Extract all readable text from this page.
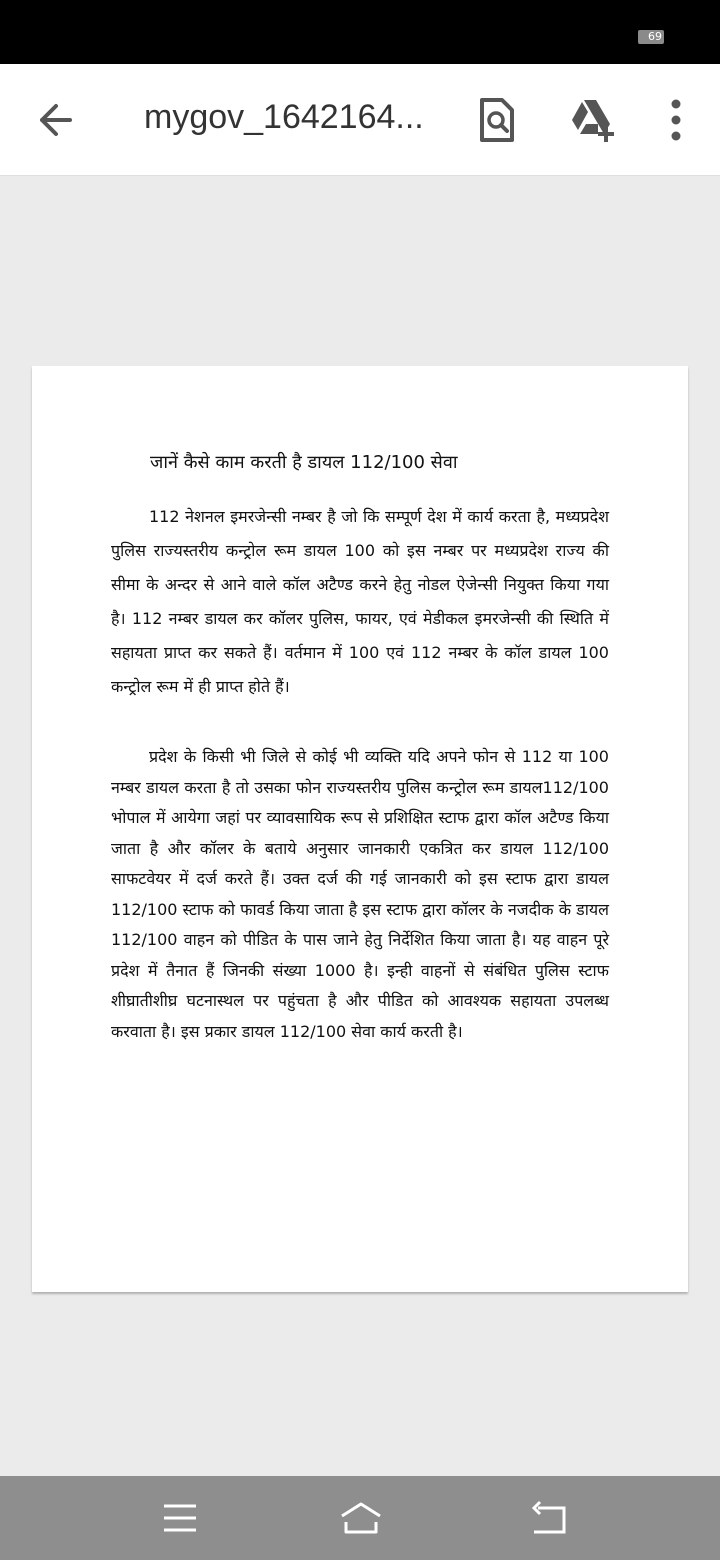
69
mygov_1642164...
जानें कैसे काम करती है डायल 112/100 सेवा

112 नेशनल इमरजेन्सी नम्बर है जो कि सम्पूर्ण देश में कार्य करता है, मध्यप्रदेश पुलिस राज्यस्तरीय कन्ट्रोल रूम डायल 100 को इस नम्बर पर मध्यप्रदेश राज्य की सीमा के अन्दर से आने वाले कॉल अटैण्ड करने हेतु नोडल ऐजेन्सी नियुक्त किया गया है। 112 नम्बर डायल कर कॉलर पुलिस, फायर, एवं मेडीकल इमरजेन्सी की स्थिति में सहायता प्राप्त कर सकते हैं। वर्तमान में 100 एवं 112 नम्बर के कॉल डायल 100 कन्ट्रोल रूम में ही प्राप्त होते हैं।

प्रदेश के किसी भी जिले से कोई भी व्यक्ति यदि अपने फोन से 112 या 100 नम्बर डायल करता है तो उसका फोन राज्यस्तरीय पुलिस कन्ट्रोल रूम डायल112/100 भोपाल में आयेगा जहां पर व्यावसायिक रूप से प्रशिक्षित स्टाफ द्वारा कॉल अटैण्ड किया जाता है और कॉलर के बताये अनुसार जानकारी एकत्रित कर डायल 112/100 साफटवेयर में दर्ज करते हैं। उक्त दर्ज की गई जानकारी को इस स्टाफ द्वारा डायल 112/100 स्टाफ को फावर्ड किया जाता है इस स्टाफ द्वारा कॉलर के नजदीक के डायल 112/100 वाहन को पीडित के पास जाने हेतु निर्देशित किया जाता है। यह वाहन पूरे प्रदेश में तैनात हैं जिनकी संख्या 1000 है। इन्ही वाहनों से संबंधित पुलिस स्टाफ शीघ्रातीशीघ्र घटनास्थल पर पहुंचता है और पीडित को आवश्यक सहायता उपलब्ध करवाता है। इस प्रकार डायल 112/100 सेवा कार्य करती है।
